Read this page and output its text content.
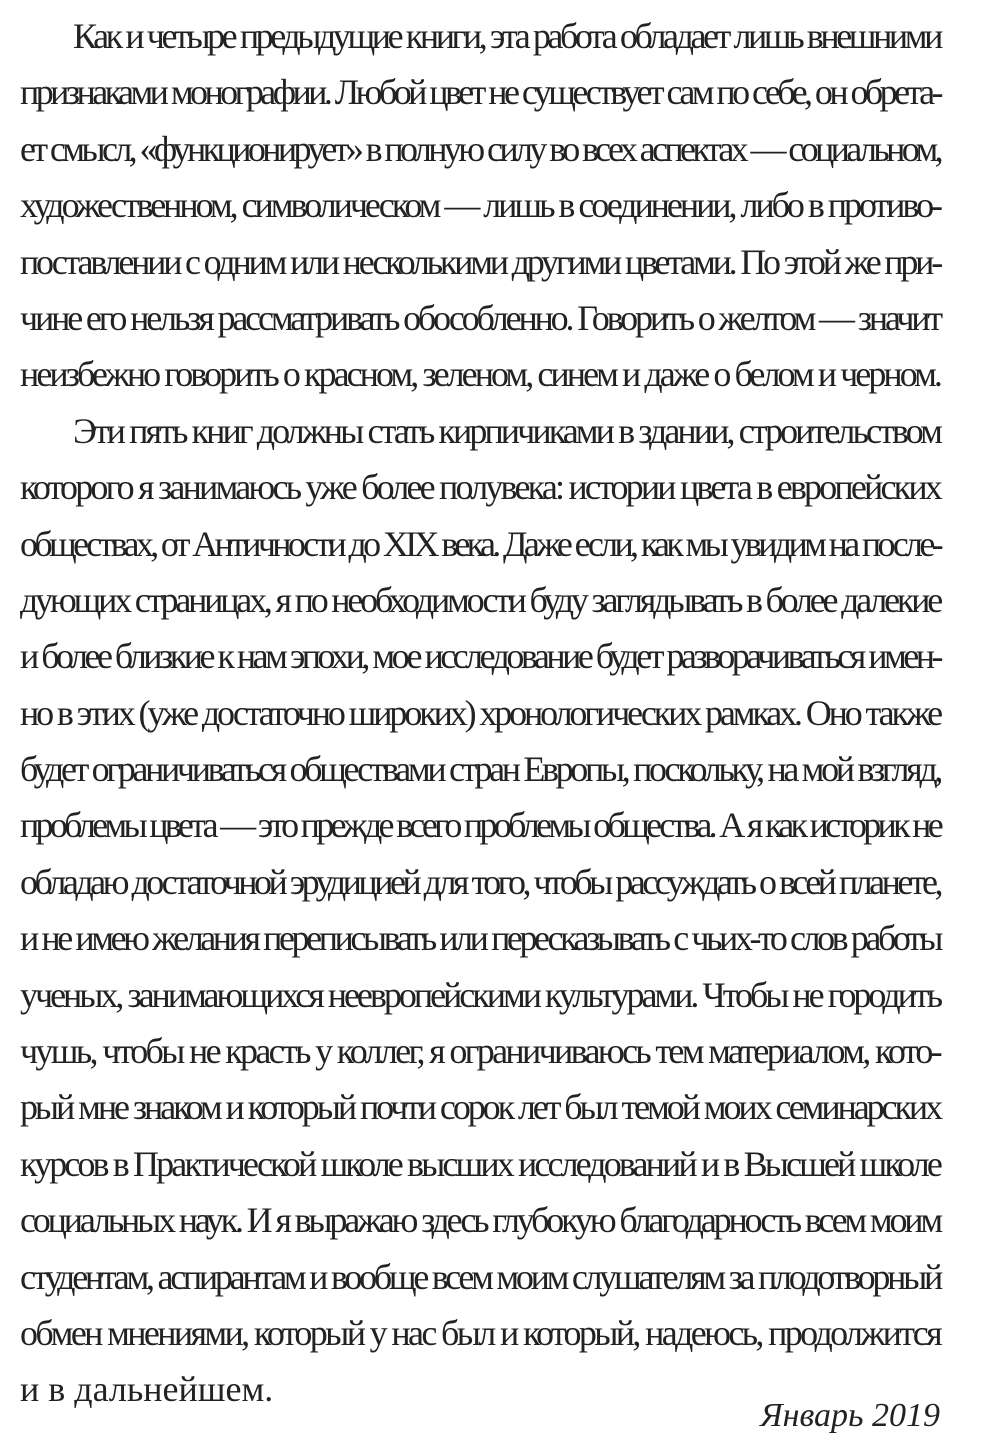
Как и четыре предыдущие книги, эта работа обладает лишь внешними
признаками монографии. Любой цвет не существует сам по себе, он обрета-
ет смысл, «функционирует» в полную силу во всех аспектах — социальном,
художественном, символическом — лишь в соединении, либо в противо-
поставлении с одним или несколькими другими цветами. По этой же при-
чине его нельзя рассматривать обособленно. Говорить о желтом — значит
неизбежно говорить о красном, зеленом, синем и даже о белом и черном.
Эти пять книг должны стать кирпичиками в здании, строительством
которого я занимаюсь уже более полувека: истории цвета в европейских
обществах, от Античности до XIX века. Даже если, как мы увидим на после-
дующих страницах, я по необходимости буду заглядывать в более далекие
и более близкие к нам эпохи, мое исследование будет разворачиваться имен-
но в этих (уже достаточно широких) хронологических рамках. Оно также
будет ограничиваться обществами стран Европы, поскольку, на мой взгляд,
проблемы цвета — это прежде всего проблемы общества. А я как историк не
обладаю достаточной эрудицией для того, чтобы рассуждать о всей планете,
и не имею желания переписывать или пересказывать с чьих-то слов работы
ученых, занимающихся неевропейскими культурами. Чтобы не городить
чушь, чтобы не красть у коллег, я ограничиваюсь тем материалом, кото-
рый мне знаком и который почти сорок лет был темой моих семинарских
курсов в Практической школе высших исследований и в Высшей школе
социальных наук. И я выражаю здесь глубокую благодарность всем моим
студентам, аспирантам и вообще всем моим слушателям за плодотворный
обмен мнениями, который у нас был и который, надеюсь, продолжится
и в дальнейшем.
Январь 2019
